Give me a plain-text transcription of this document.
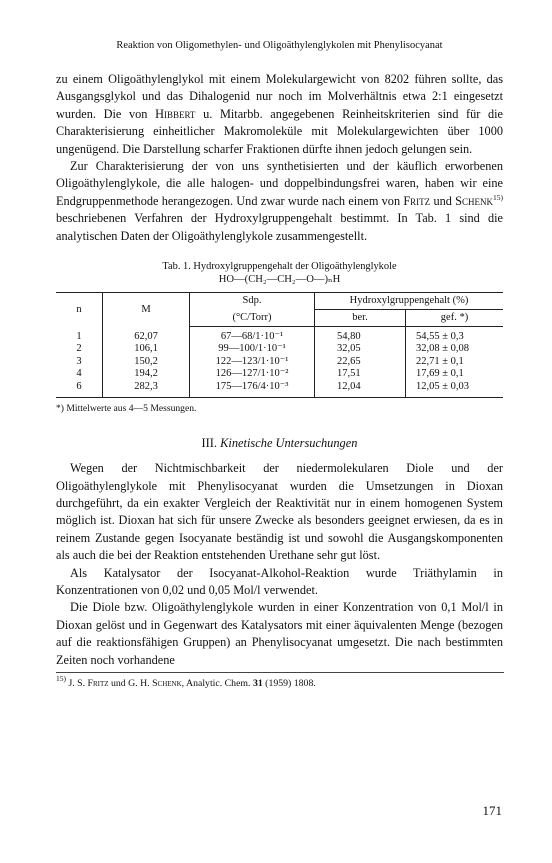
Reaktion von Oligomethylen- und Oligoäthylenglykolen mit Phenylisocyanat

zu einem Oligoäthylenglykol mit einem Molekulargewicht von 8202 führen sollte, das Ausgangsglykol und das Dihalogenid nur noch im Molverhältnis etwa 2:1 eingesetzt wurden. Die von Hibbert u. Mitarbb. angegebenen Reinheitskriterien sind für die Charakterisierung einheitlicher Makromoleküle mit Molekulargewichten über 1000 ungenügend. Die Darstellung scharfer Fraktionen dürfte ihnen jedoch gelungen sein.

Zur Charakterisierung der von uns synthetisierten und der käuflich erworbenen Oligoäthylenglykole, die alle halogen- und doppelbindungsfrei waren, haben wir eine Endgruppenmethode herangezogen. Und zwar wurde nach einem von Fritz und Schenk$^{15)}$ beschriebenen Verfahren der Hydroxylgruppengehalt bestimmt. In Tab. 1 sind die analytischen Daten der Oligoäthylenglykole zusammengestellt.

Tab. 1. Hydroxylgruppengehalt der Oligoäthylenglykole
HO—(CH₂—CH₂—O—)ₙH
n	M	Sdp.	Hydroxylgruppengehalt (%)	
		(°C/Torr)	ber.	gef. *)
1	62,07	67—68/1·10⁻¹	54,80	54,55 ± 0,3
2	106,1	99—100/1·10⁻¹	32,05	32,08 ± 0,08
3	150,2	122—123/1·10⁻¹	22,65	22,71 ± 0,1
4	194,2	126—127/1·10⁻²	17,51	17,69 ± 0,1
6	282,3	175—176/4·10⁻³	12,04	12,05 ± 0,03
*) Mittelwerte aus 4—5 Messungen.
III. Kinetische Untersuchungen

Wegen der Nichtmischbarkeit der niedermolekularen Diole und der Oligoäthylenglykole mit Phenylisocyanat wurden die Umsetzungen in Dioxan durchgeführt, da ein exakter Vergleich der Reaktivität nur in einem homogenen System möglich ist. Dioxan hat sich für unsere Zwecke als besonders geeignet erwiesen, da es in reinem Zustande gegen Isocyanate beständig ist und sowohl die Ausgangskomponenten als auch die bei der Reaktion entstehenden Urethane sehr gut löst.

Als Katalysator der Isocyanat-Alkohol-Reaktion wurde Triäthylamin in Konzentrationen von 0,02 und 0,05 Mol/l verwendet.

Die Diole bzw. Oligoäthylenglykole wurden in einer Konzentration von 0,1 Mol/l in Dioxan gelöst und in Gegenwart des Katalysators mit einer äquivalenten Menge (bezogen auf die reaktionsfähigen Gruppen) an Phenylisocyanat umgesetzt. Die nach bestimmten Zeiten noch vorhandene

$^{15)}$ J. S. Fritz und G. H. Schenk, Analytic. Chem. 31 (1959) 1808.
171
